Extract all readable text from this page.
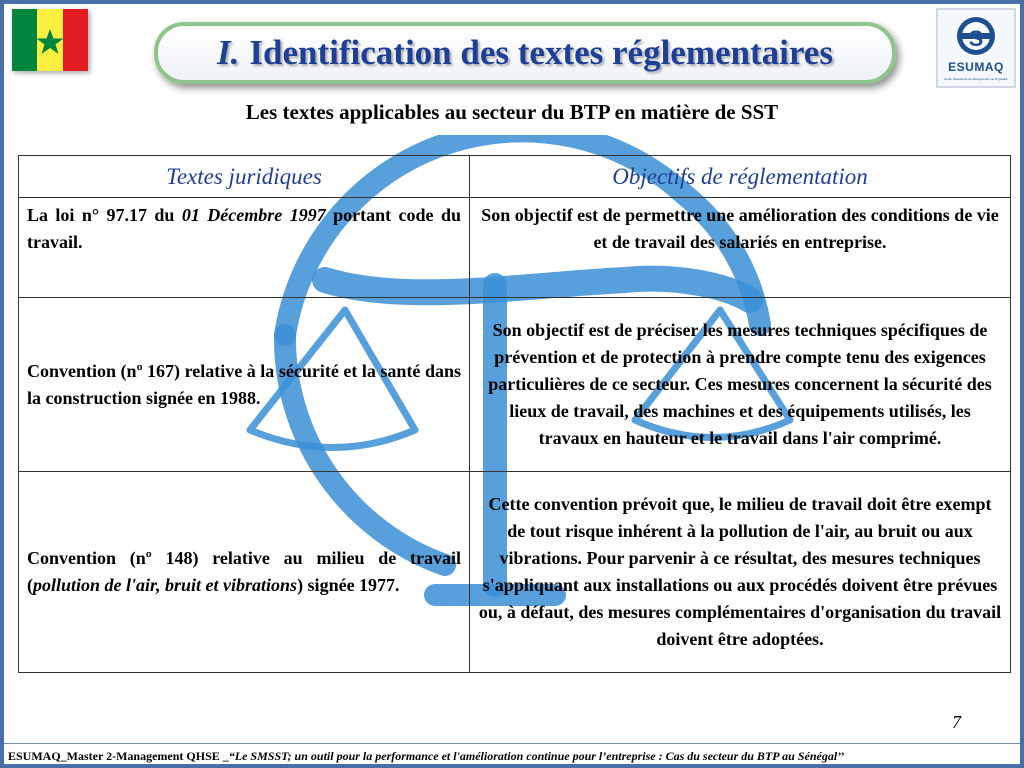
S
ESUMAQ
Ecole Supérieure de Management de la Qualité
I. Identification des textes réglementaires
Les textes applicables au secteur du BTP en matière de SST
Textes juridiques	Objectifs de réglementation
La loi n° 97.17 du 01 Décembre 1997 portant code du travail.	Son objectif est de permettre une amélioration des conditions de vie et de travail des salariés en entreprise.
Convention (nº 167) relative à la sécurité et la santé dans la construction signée en 1988.	Son objectif est de préciser les mesures techniques spécifiques de prévention et de protection à prendre compte tenu des exigences particulières de ce secteur. Ces mesures concernent la sécurité des lieux de travail, des machines et des équipements utilisés, les travaux en hauteur et le travail dans l'air comprimé.
Convention (nº 148) relative au milieu de travail (pollution de l'air, bruit et vibrations) signée 1977.	Cette convention prévoit que, le milieu de travail doit être exempt de tout risque inhérent à la pollution de l'air, au bruit ou aux vibrations. Pour parvenir à ce résultat, des mesures techniques s'appliquant aux installations ou aux procédés doivent être prévues ou, à défaut, des mesures complémentaires d'organisation du travail doivent être adoptées.
7
ESUMAQ_Master 2-Management QHSE _“Le SMSST; un outil pour la performance et l'amélioration continue pour l’entreprise : Cas du secteur du BTP au Sénégal’’
